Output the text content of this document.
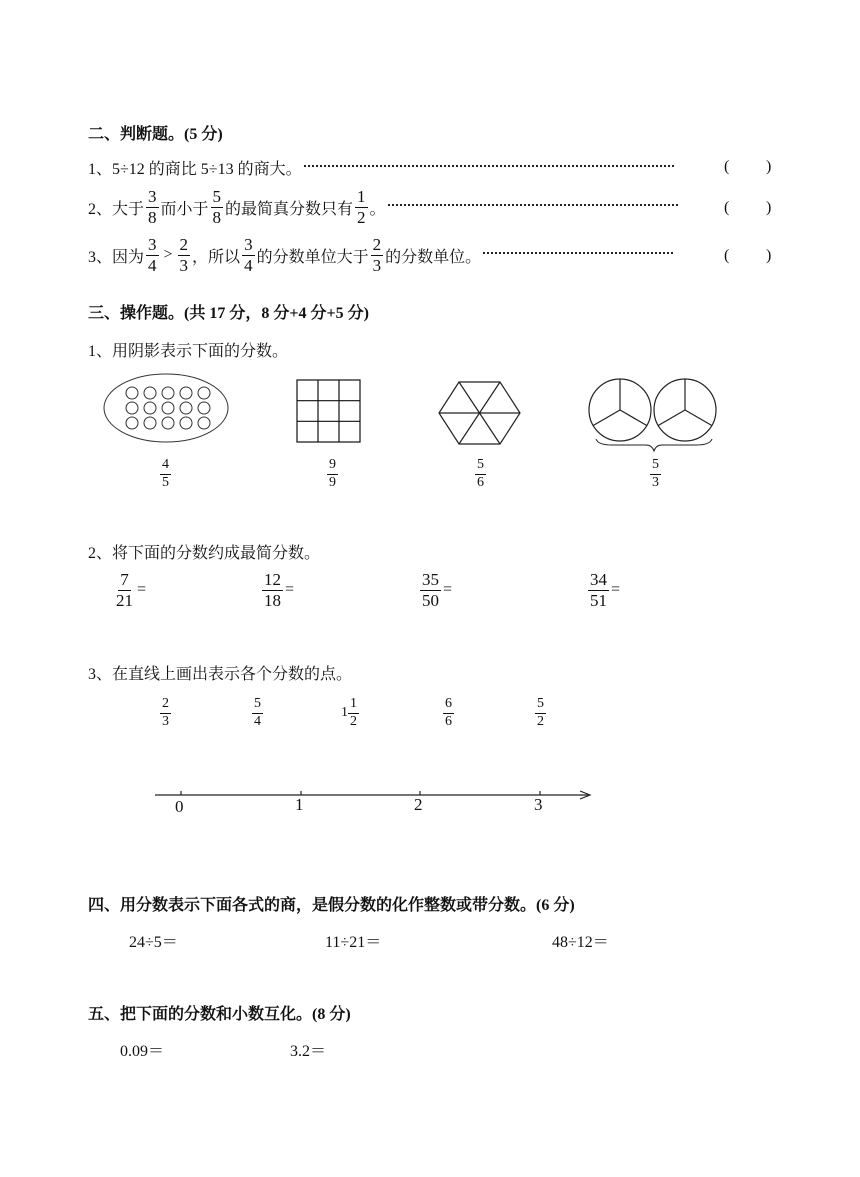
二、判断题。(5 分)
1、5÷12 的商比 5÷13 的商大。	( )
2、大于 $\frac{3}{8}$ 而小于 $\frac{5}{8}$ 的最简真分数只有 $\frac{1}{2}$ 。	( )
3、因为 $\frac{3}{4} > \frac{2}{3}$ ，所以 $\frac{3}{4}$ 的分数单位大于 $\frac{2}{3}$ 的分数单位。	( )
三、操作题。(共 17 分，8 分+4 分+5 分)
1、用阴影表示下面的分数。
$\frac{4}{5}$	$\frac{9}{9}$	$\frac{5}{6}$	$\frac{5}{3}$
2、将下面的分数约成最简分数。
$\frac{7}{21}$ =	$\frac{12}{18}$ =	$\frac{35}{50}$ =	$\frac{34}{51}$ =
3、在直线上画出表示各个分数的点。
$\frac{2}{3}$	$\frac{5}{4}$	$1 \frac{1}{2}$	$\frac{6}{6}$	$\frac{5}{2}$
0	1	2	3
四、用分数表示下面各式的商，是假分数的化作整数或带分数。(6 分)
24÷5＝	11÷21＝	48÷12＝
五、把下面的分数和小数互化。(8 分)
0.09＝	3.2＝
